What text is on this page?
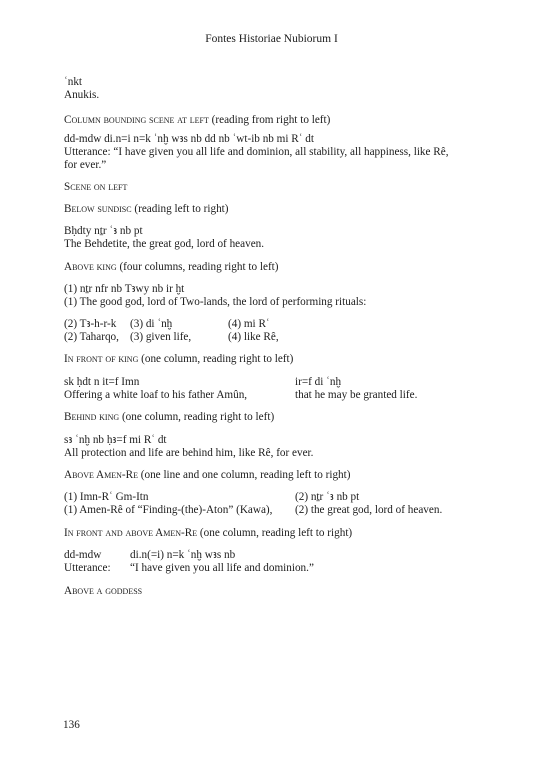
Fontes Historiae Nubiorum I
ʿnkt
Anukis.
Column bounding scene at left (reading from right to left)
dd-mdw di.n=i n=k ʿnḫ wꜣs nb dd nb ʿwt-ib nb mi Rʿ dt
Utterance: “I have given you all life and dominion, all stability, all happiness, like Rê,
for ever.”
Scene on left
Below sundisc (reading left to right)
Bḥdty nṯr ʿꜣ nb pt
The Behdetite, the great god, lord of heaven.
Above king (four columns, reading right to left)
(1) nṯr nfr nb Tꜣwy nb ir ḫt
(1) The good god, lord of Two-lands, the lord of performing rituals:
(2) Tꜣ-h-r-k (3) di ʿnḫ	(4) mi Rʿ
(2) Taharqo, (3) given life,	(4) like Rê,
In front of king (one column, reading right to left)
sk ḥdt n it=f Imn	ir=f di ʿnḫ
Offering a white loaf to his father Amûn,	that he may be granted life.
Behind king (one column, reading right to left)
sꜣ ʿnḫ nb ḥꜣ=f mi Rʿ dt
All protection and life are behind him, like Rê, for ever.
Above Amen-Re (one line and one column, reading left to right)
(1) Imn-Rʿ Gm-Itn	(2) nṯr ʿꜣ nb pt
(1) Amen-Rê of “Finding-(the)-Aton” (Kawa), (2) the great god, lord of heaven.
In front and above Amen-Re (one column, reading left to right)
dd-mdw	di.n(=i) n=k ʿnḫ wꜣs nb
Utterance: “I have given you all life and dominion.”
Above a goddess
136
